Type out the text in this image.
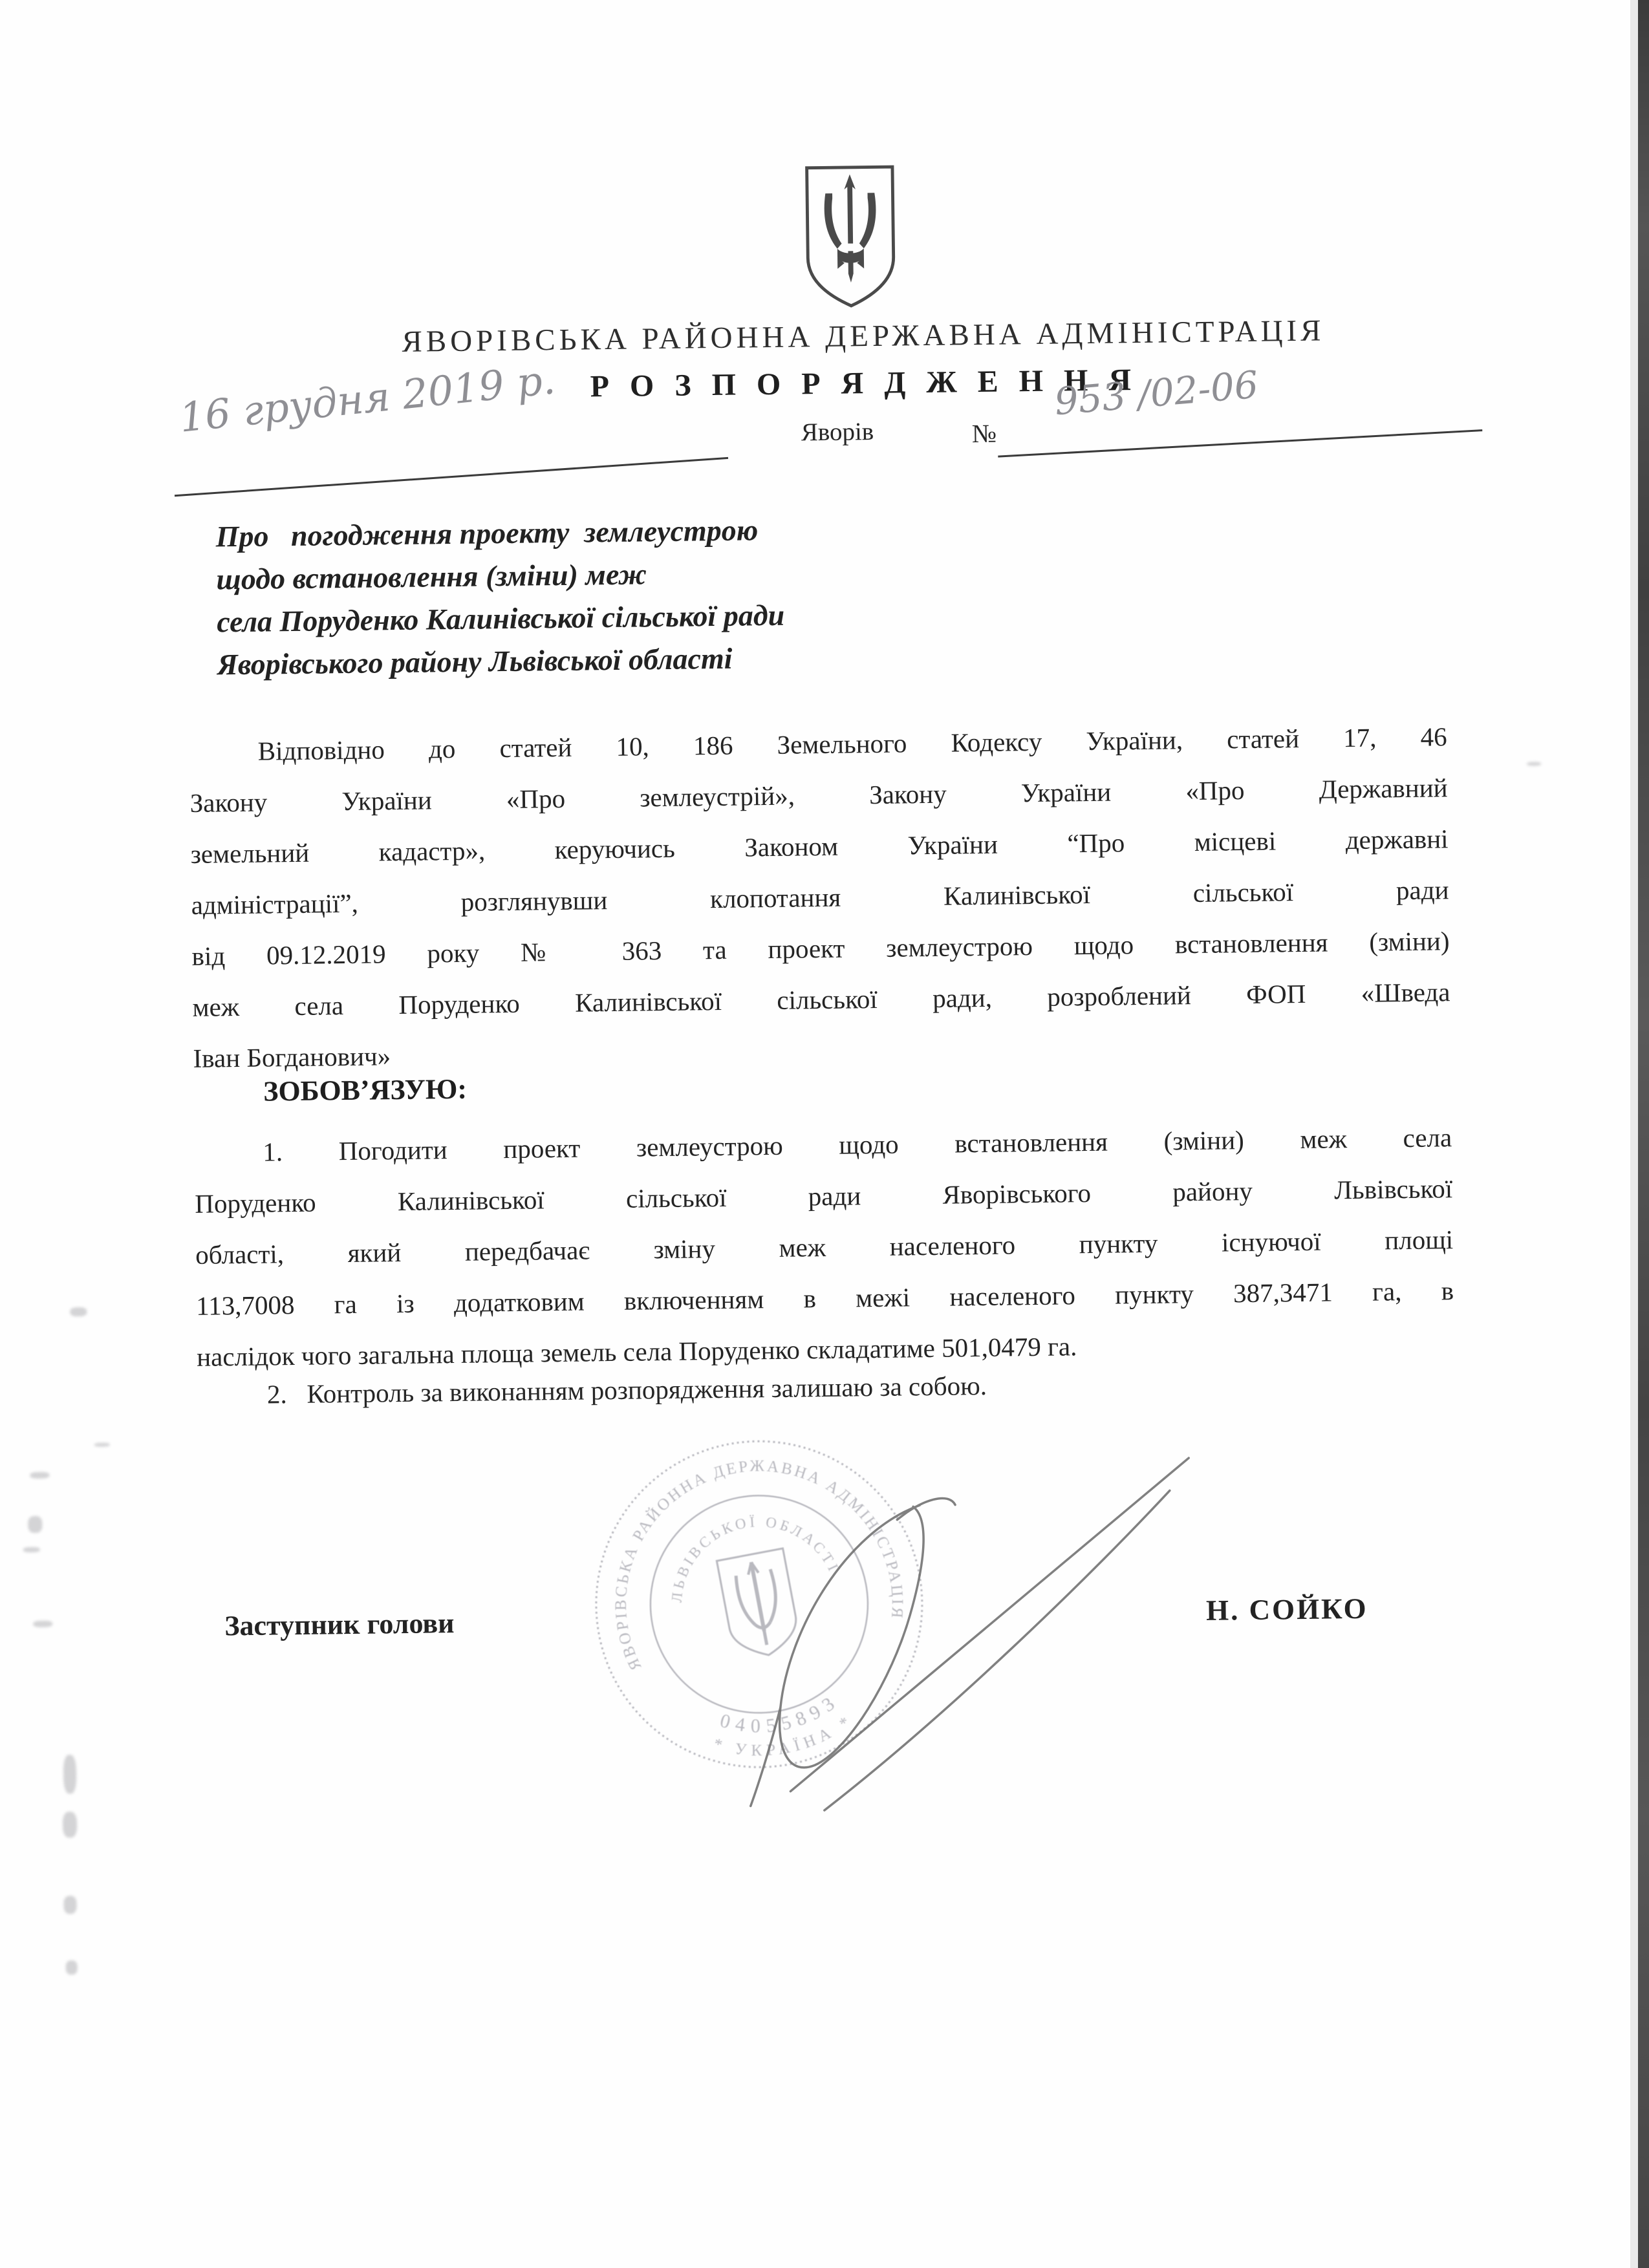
ЯВОРІВСЬКА РАЙОННА ДЕРЖАВНА АДМІНІСТРАЦІЯ
Р О З П О Р Я Д Ж Е Н Н Я
16 грудня 2019 р.	Яворів	№
953 /02-06
Про   погодження проекту  землеустрою
щодо встановлення (зміни) меж
села Поруденко Калинівської сільської ради
Яворівського району Львівської області
Відповідно до статей 10, 186 Земельного Кодексу України, статей 17, 46
Закону України «Про землеустрій», Закону України «Про Державний
земельний кадастр», керуючись Законом України “Про місцеві державні
адміністрації”, розглянувши клопотання Калинівської сільської ради
від 09.12.2019 року № 363 та проект землеустрою щодо встановлення (зміни)
меж села Поруденко Калинівської сільської ради, розроблений ФОП «Шведа
Іван Богданович»
ЗОБОВ’ЯЗУЮ:
1. Погодити проект землеустрою щодо встановлення (зміни) меж села
Поруденко Калинівської сільської ради Яворівського району Львівської
області, який передбачає зміну меж населеного пункту існуючої площі
113,7008 га із додатковим включенням в межі населеного пункту 387,3471 га, в
наслідок чого загальна площа земель села Поруденко складатиме 501,0479 га.
2.   Контроль за виконанням розпорядження залишаю за собою.
Заступник голови	Н. СОЙКО
ЯВОРІВСЬКА РАЙОННА ДЕРЖАВНА АДМІНІСТРАЦІЯ
ЛЬВІВСЬКОЇ ОБЛАСТІ
04055893
* УКРАЇНА *
